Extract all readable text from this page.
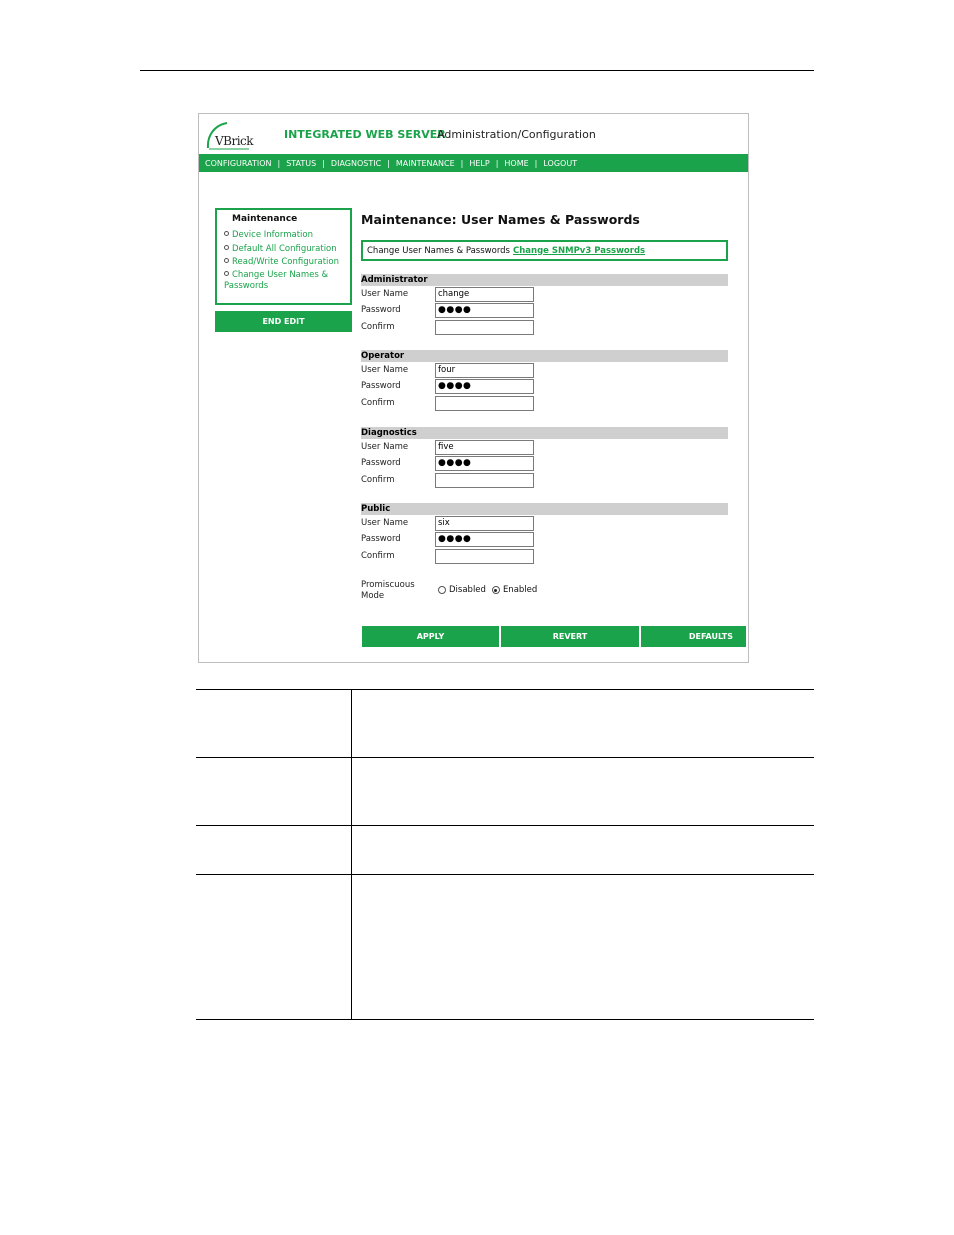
VBrick	INTEGRATED WEB SERVER
Administration/Configuration
CONFIGURATION | STATUS | DIAGNOSTIC | MAINTENANCE | HELP | HOME | LOGOUT
Maintenance
Device Information
Default All Configuration
Read/Write Configuration
Change User Names & Passwords
END EDIT
Maintenance: User Names & Passwords
Change User Names & Passwords Change SNMPv3 Passwords
Administrator
User Name	change
Password	●●●●
Confirm
Operator
User Name	four
Password	●●●●
Confirm
Diagnostics
User Name	five
Password	●●●●
Confirm
Public
User Name	six
Password	●●●●
Confirm
Promiscuous
Mode
Disabled Enabled
APPLY	REVERT	DEFAULTS
